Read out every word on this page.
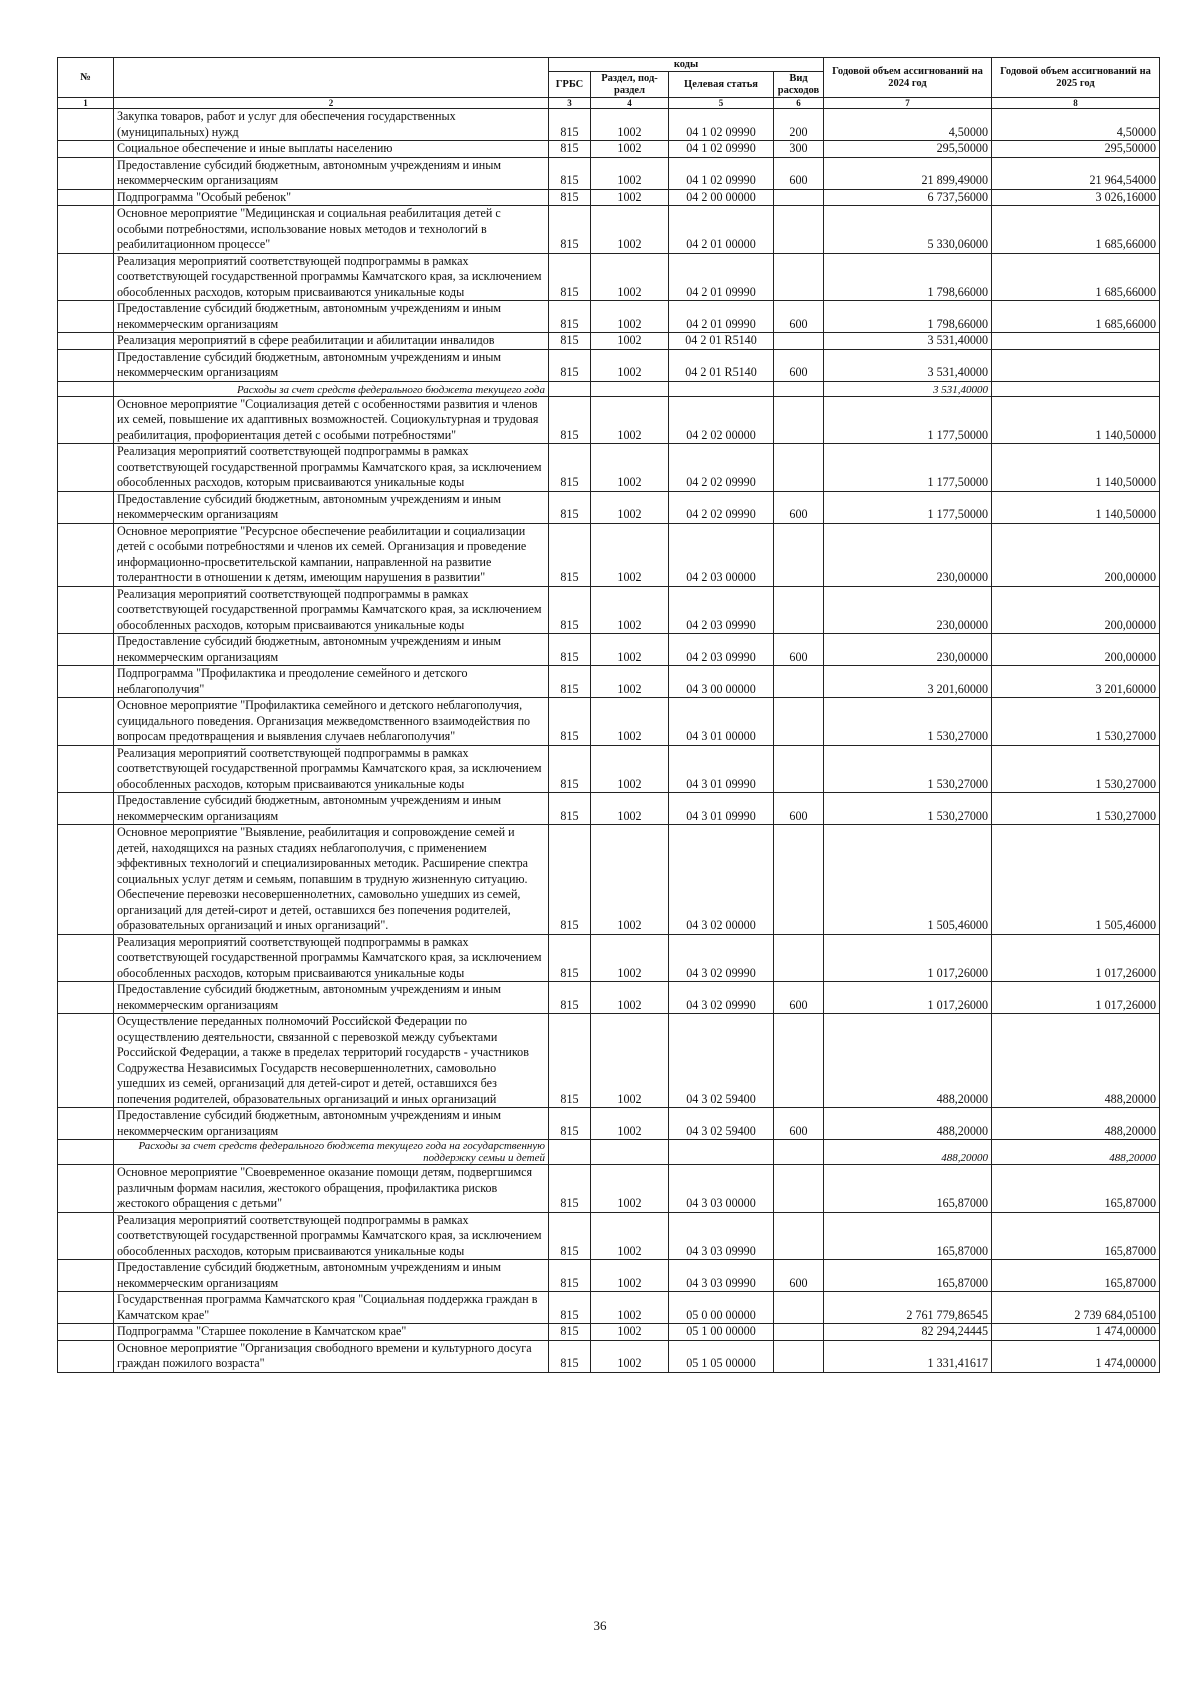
№		коды				Годовой объем ассигнований на 2024 год	Годовой объем ассигнований на 2025 год
		ГРБС	Раздел, под-раздел	Целевая статья	Вид расходов		
1	2	3	4	5	6	7	8
	Закупка товаров, работ и услуг для обеспечения государственных (муниципальных) нужд	815	1002	04 1 02 09990	200	4,50000	4,50000
	Социальное обеспечение и иные выплаты населению	815	1002	04 1 02 09990	300	295,50000	295,50000
	Предоставление субсидий бюджетным, автономным учреждениям и иным некоммерческим организациям	815	1002	04 1 02 09990	600	21 899,49000	21 964,54000
	Подпрограмма "Особый ребенок"	815	1002	04 2 00 00000		6 737,56000	3 026,16000
	Основное мероприятие "Медицинская и социальная реабилитация детей с особыми потребностями, использование новых методов и технологий в реабилитационном процессе"	815	1002	04 2 01 00000		5 330,06000	1 685,66000
	Реализация мероприятий соответствующей подпрограммы в рамках соответствующей государственной программы Камчатского края, за исключением обособленных расходов, которым присваиваются уникальные коды	815	1002	04 2 01 09990		1 798,66000	1 685,66000
	Предоставление субсидий бюджетным, автономным учреждениям и иным некоммерческим организациям	815	1002	04 2 01 09990	600	1 798,66000	1 685,66000
	Реализация мероприятий в сфере реабилитации и абилитации инвалидов	815	1002	04 2 01 R5140		3 531,40000	
	Предоставление субсидий бюджетным, автономным учреждениям и иным некоммерческим организациям	815	1002	04 2 01 R5140	600	3 531,40000	
	Расходы за счет средств федерального бюджета текущего года					3 531,40000	
	Основное мероприятие "Социализация детей с особенностями развития и членов их семей, повышение их адаптивных возможностей. Социокультурная и трудовая реабилитация, профориентация детей с особыми потребностями"	815	1002	04 2 02 00000		1 177,50000	1 140,50000
	Реализация мероприятий соответствующей подпрограммы в рамках соответствующей государственной программы Камчатского края, за исключением обособленных расходов, которым присваиваются уникальные коды	815	1002	04 2 02 09990		1 177,50000	1 140,50000
	Предоставление субсидий бюджетным, автономным учреждениям и иным некоммерческим организациям	815	1002	04 2 02 09990	600	1 177,50000	1 140,50000
	Основное мероприятие "Ресурсное обеспечение реабилитации и социализации детей с особыми потребностями и членов их семей. Организация и проведение информационно-просветительской кампании, направленной на развитие толерантности в отношении к детям, имеющим нарушения в развитии"	815	1002	04 2 03 00000		230,00000	200,00000
	Реализация мероприятий соответствующей подпрограммы в рамках соответствующей государственной программы Камчатского края, за исключением обособленных расходов, которым присваиваются уникальные коды	815	1002	04 2 03 09990		230,00000	200,00000
	Предоставление субсидий бюджетным, автономным учреждениям и иным некоммерческим организациям	815	1002	04 2 03 09990	600	230,00000	200,00000
	Подпрограмма "Профилактика и преодоление семейного и детского неблагополучия"	815	1002	04 3 00 00000		3 201,60000	3 201,60000
	Основное мероприятие "Профилактика семейного и детского неблагополучия, суицидального поведения. Организация межведомственного взаимодействия по вопросам предотвращения и выявления случаев неблагополучия"	815	1002	04 3 01 00000		1 530,27000	1 530,27000
	Реализация мероприятий соответствующей подпрограммы в рамках соответствующей государственной программы Камчатского края, за исключением обособленных расходов, которым присваиваются уникальные коды	815	1002	04 3 01 09990		1 530,27000	1 530,27000
	Предоставление субсидий бюджетным, автономным учреждениям и иным некоммерческим организациям	815	1002	04 3 01 09990	600	1 530,27000	1 530,27000
	Основное мероприятие "Выявление, реабилитация и сопровождение семей и детей, находящихся на разных стадиях неблагополучия, с применением эффективных технологий и специализированных методик. Расширение спектра социальных услуг детям и семьям, попавшим в трудную жизненную ситуацию. Обеспечение перевозки несовершеннолетних, самовольно ушедших из семей, организаций для детей-сирот и детей, оставшихся без попечения родителей, образовательных организаций и иных организаций".	815	1002	04 3 02 00000		1 505,46000	1 505,46000
	Реализация мероприятий соответствующей подпрограммы в рамках соответствующей государственной программы Камчатского края, за исключением обособленных расходов, которым присваиваются уникальные коды	815	1002	04 3 02 09990		1 017,26000	1 017,26000
	Предоставление субсидий бюджетным, автономным учреждениям и иным некоммерческим организациям	815	1002	04 3 02 09990	600	1 017,26000	1 017,26000
	Осуществление переданных полномочий Российской Федерации по осуществлению деятельности, связанной с перевозкой между субъектами Российской Федерации, а также в пределах территорий государств - участников Содружества Независимых Государств несовершеннолетних, самовольно ушедших из семей, организаций для детей-сирот и детей, оставшихся без попечения родителей, образовательных организаций и иных организаций	815	1002	04 3 02 59400		488,20000	488,20000
	Предоставление субсидий бюджетным, автономным учреждениям и иным некоммерческим организациям	815	1002	04 3 02 59400	600	488,20000	488,20000
	Расходы за счет средств федерального бюджета текущего года на государственную поддержку семьи и детей					488,20000	488,20000
	Основное мероприятие "Своевременное оказание помощи детям, подвергшимся различным формам насилия, жестокого обращения, профилактика рисков жестокого обращения с детьми"	815	1002	04 3 03 00000		165,87000	165,87000
	Реализация мероприятий соответствующей подпрограммы в рамках соответствующей государственной программы Камчатского края, за исключением обособленных расходов, которым присваиваются уникальные коды	815	1002	04 3 03 09990		165,87000	165,87000
	Предоставление субсидий бюджетным, автономным учреждениям и иным некоммерческим организациям	815	1002	04 3 03 09990	600	165,87000	165,87000
	Государственная программа Камчатского края "Социальная поддержка граждан в Камчатском крае"	815	1002	05 0 00 00000		2 761 779,86545	2 739 684,05100
	Подпрограмма "Старшее поколение в Камчатском крае"	815	1002	05 1 00 00000		82 294,24445	1 474,00000
	Основное мероприятие "Организация свободного времени и культурного досуга граждан пожилого возраста"	815	1002	05 1 05 00000		1 331,41617	1 474,00000
36
